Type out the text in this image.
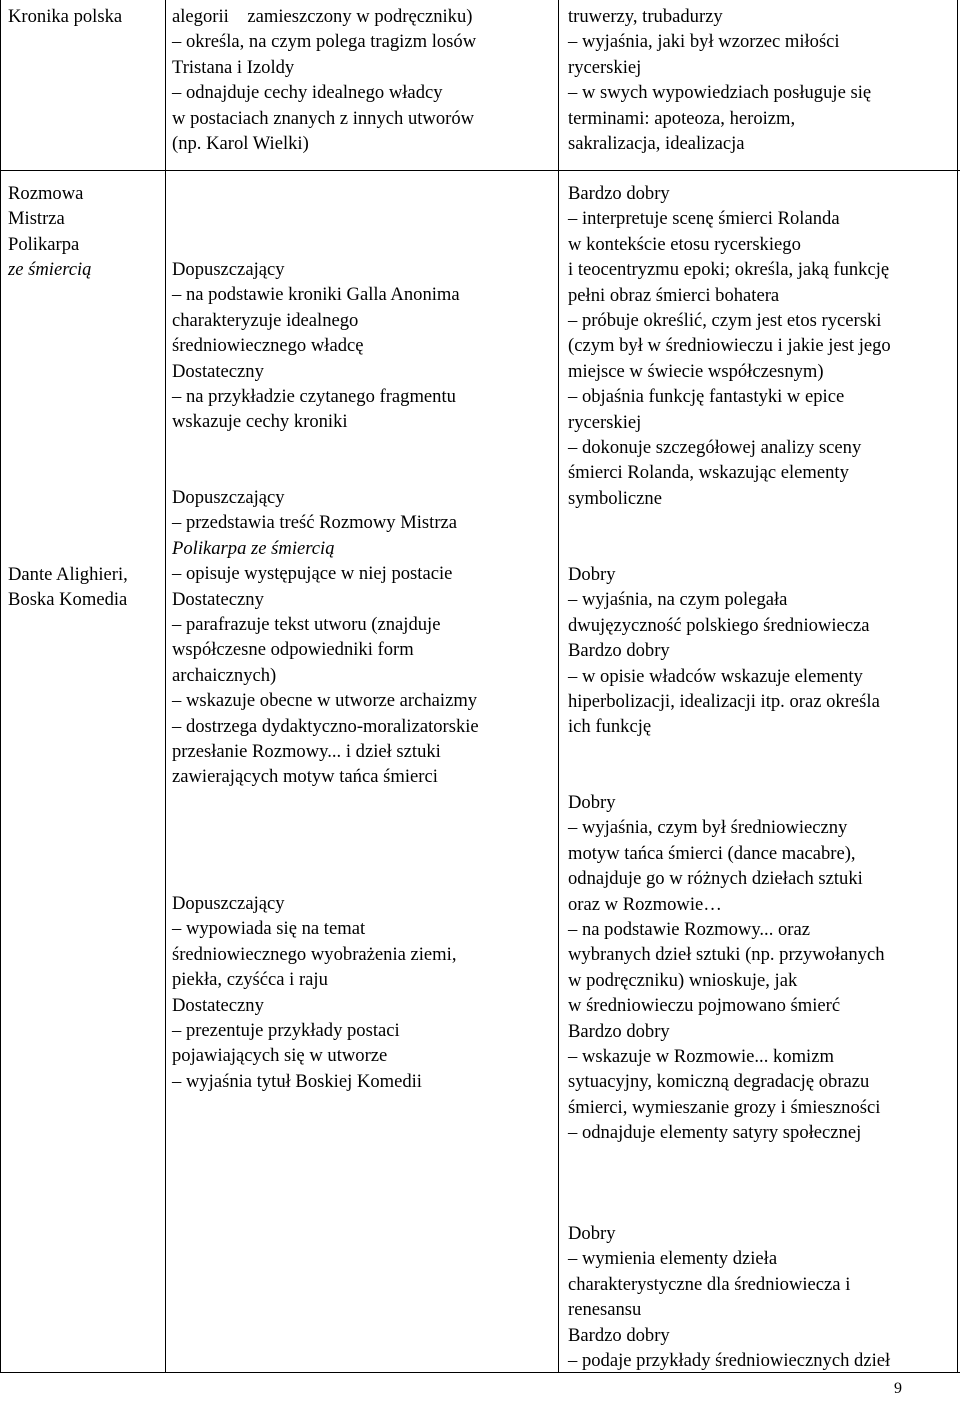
Kronika polska	alegorii zamieszczony w podręczniku)
– określa, na czym polega tragizm losów
Tristana i Izoldy
– odnajduje cechy idealnego władcy
w postaciach znanych z innych utworów
(np. Karol Wielki)
truwerzy, trubadurzy
– wyjaśnia, jaki był wzorzec miłości
rycerskiej
– w swych wypowiedziach posługuje się
terminami: apoteoza, heroizm,
sakralizacja, idealizacja
Rozmowa
Mistrza
Polikarpa
ze śmiercią
Dante Alighieri,
Boska Komedia
Dopuszczający
– na podstawie kroniki Galla Anonima
charakteryzuje idealnego
średniowiecznego władcę
Dostateczny
– na przykładzie czytanego fragmentu
wskazuje cechy kroniki
Dopuszczający
– przedstawia treść Rozmowy Mistrza
Polikarpa ze śmiercią
– opisuje występujące w niej postacie
Dostateczny
– parafrazuje tekst utworu (znajduje
współczesne odpowiedniki form
archaicznych)
– wskazuje obecne w utworze archaizmy
– dostrzega dydaktyczno-moralizatorskie
przesłanie Rozmowy... i dzieł sztuki
zawierających motyw tańca śmierci
Dopuszczający
– wypowiada się na temat
średniowiecznego wyobrażenia ziemi,
piekła, czyśćca i raju
Dostateczny
– prezentuje przykłady postaci
pojawiających się w utworze
– wyjaśnia tytuł Boskiej Komedii
Bardzo dobry
– interpretuje scenę śmierci Rolanda
w kontekście etosu rycerskiego
i teocentryzmu epoki; określa, jaką funkcję
pełni obraz śmierci bohatera
– próbuje określić, czym jest etos rycerski
(czym był w średniowieczu i jakie jest jego
miejsce w świecie współczesnym)
– objaśnia funkcję fantastyki w epice
rycerskiej
– dokonuje szczegółowej analizy sceny
śmierci Rolanda, wskazując elementy
symboliczne
Dobry
– wyjaśnia, na czym polegała
dwujęzyczność polskiego średniowiecza
Bardzo dobry
– w opisie władców wskazuje elementy
hiperbolizacji, idealizacji itp. oraz określa
ich funkcję
Dobry
– wyjaśnia, czym był średniowieczny
motyw tańca śmierci (dance macabre),
odnajduje go w różnych dziełach sztuki
oraz w Rozmowie…
– na podstawie Rozmowy... oraz
wybranych dzieł sztuki (np. przywołanych
w podręczniku) wnioskuje, jak
w średniowieczu pojmowano śmierć
Bardzo dobry
– wskazuje w Rozmowie... komizm
sytuacyjny, komiczną degradację obrazu
śmierci, wymieszanie grozy i śmieszności
– odnajduje elementy satyry społecznej
Dobry
– wymienia elementy dzieła
charakterystyczne dla średniowiecza i
renesansu
Bardzo dobry
– podaje przykłady średniowiecznych dzieł
9
